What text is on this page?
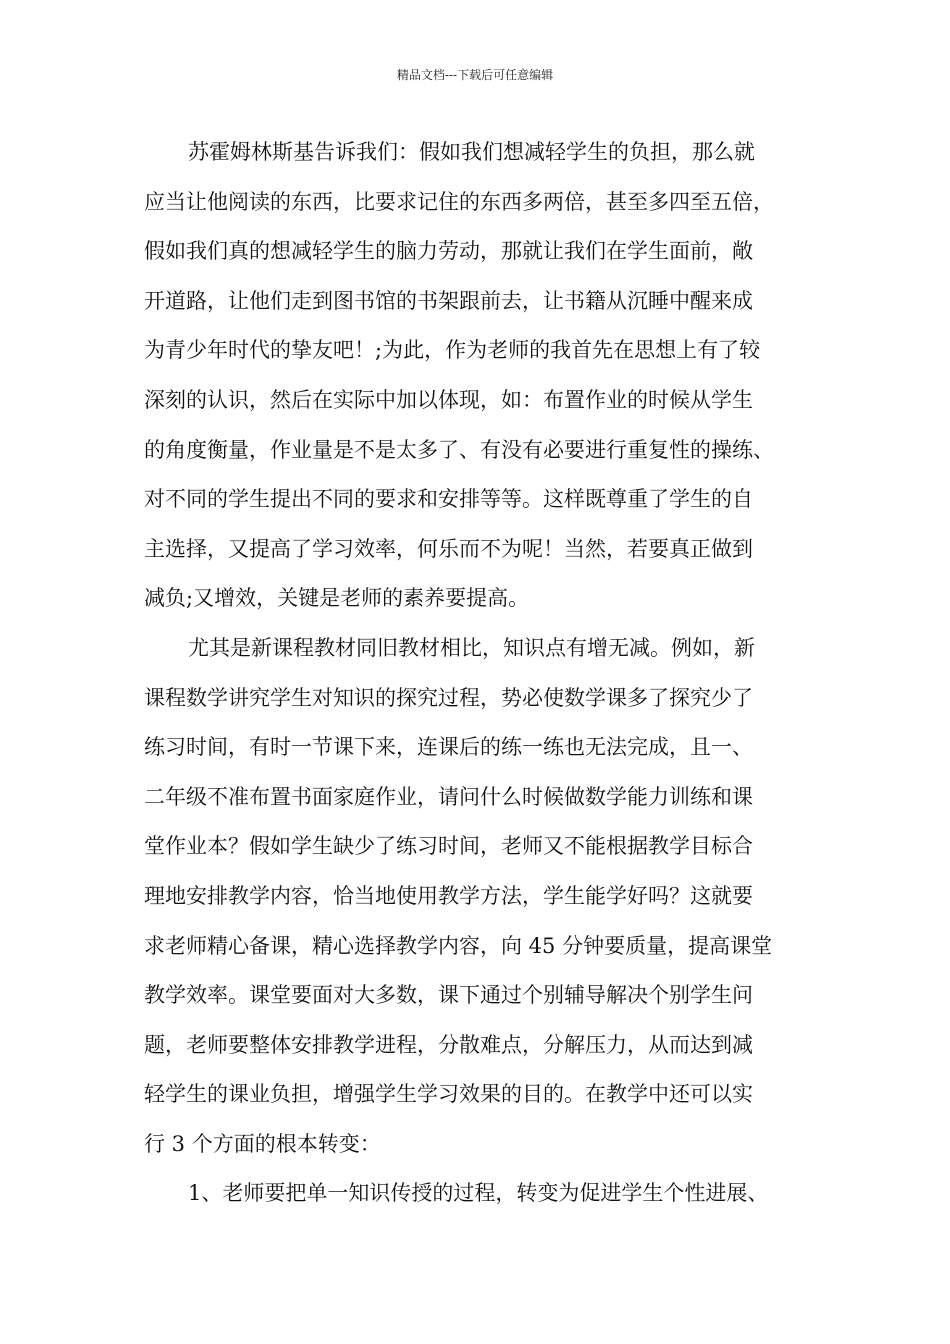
精品文档---下载后可任意编辑
苏霍姆林斯基告诉我们：假如我们想减轻学生的负担，那么就
应当让他阅读的东西，比要求记住的东西多两倍，甚至多四至五倍，
假如我们真的想减轻学生的脑力劳动，那就让我们在学生面前，敞
开道路，让他们走到图书馆的书架跟前去，让书籍从沉睡中醒来成
为青少年时代的挚友吧！;为此，作为老师的我首先在思想上有了较
深刻的认识，然后在实际中加以体现，如：布置作业的时候从学生
的角度衡量，作业量是不是太多了、有没有必要进行重复性的操练、
对不同的学生提出不同的要求和安排等等。这样既尊重了学生的自
主选择，又提高了学习效率，何乐而不为呢！当然，若要真正做到
减负;又增效，关键是老师的素养要提高。
尤其是新课程教材同旧教材相比，知识点有增无减。例如，新
课程数学讲究学生对知识的探究过程，势必使数学课多了探究少了
练习时间，有时一节课下来，连课后的练一练也无法完成，且一、
二年级不准布置书面家庭作业，请问什么时候做数学能力训练和课
堂作业本？假如学生缺少了练习时间，老师又不能根据教学目标合
理地安排教学内容，恰当地使用教学方法，学生能学好吗？这就要
求老师精心备课，精心选择教学内容，向 45 分钟要质量，提高课堂
教学效率。课堂要面对大多数，课下通过个别辅导解决个别学生问
题，老师要整体安排教学进程，分散难点，分解压力，从而达到减
轻学生的课业负担，增强学生学习效果的目的。在教学中还可以实
行 3 个方面的根本转变：
1、老师要把单一知识传授的过程，转变为促进学生个性进展、
